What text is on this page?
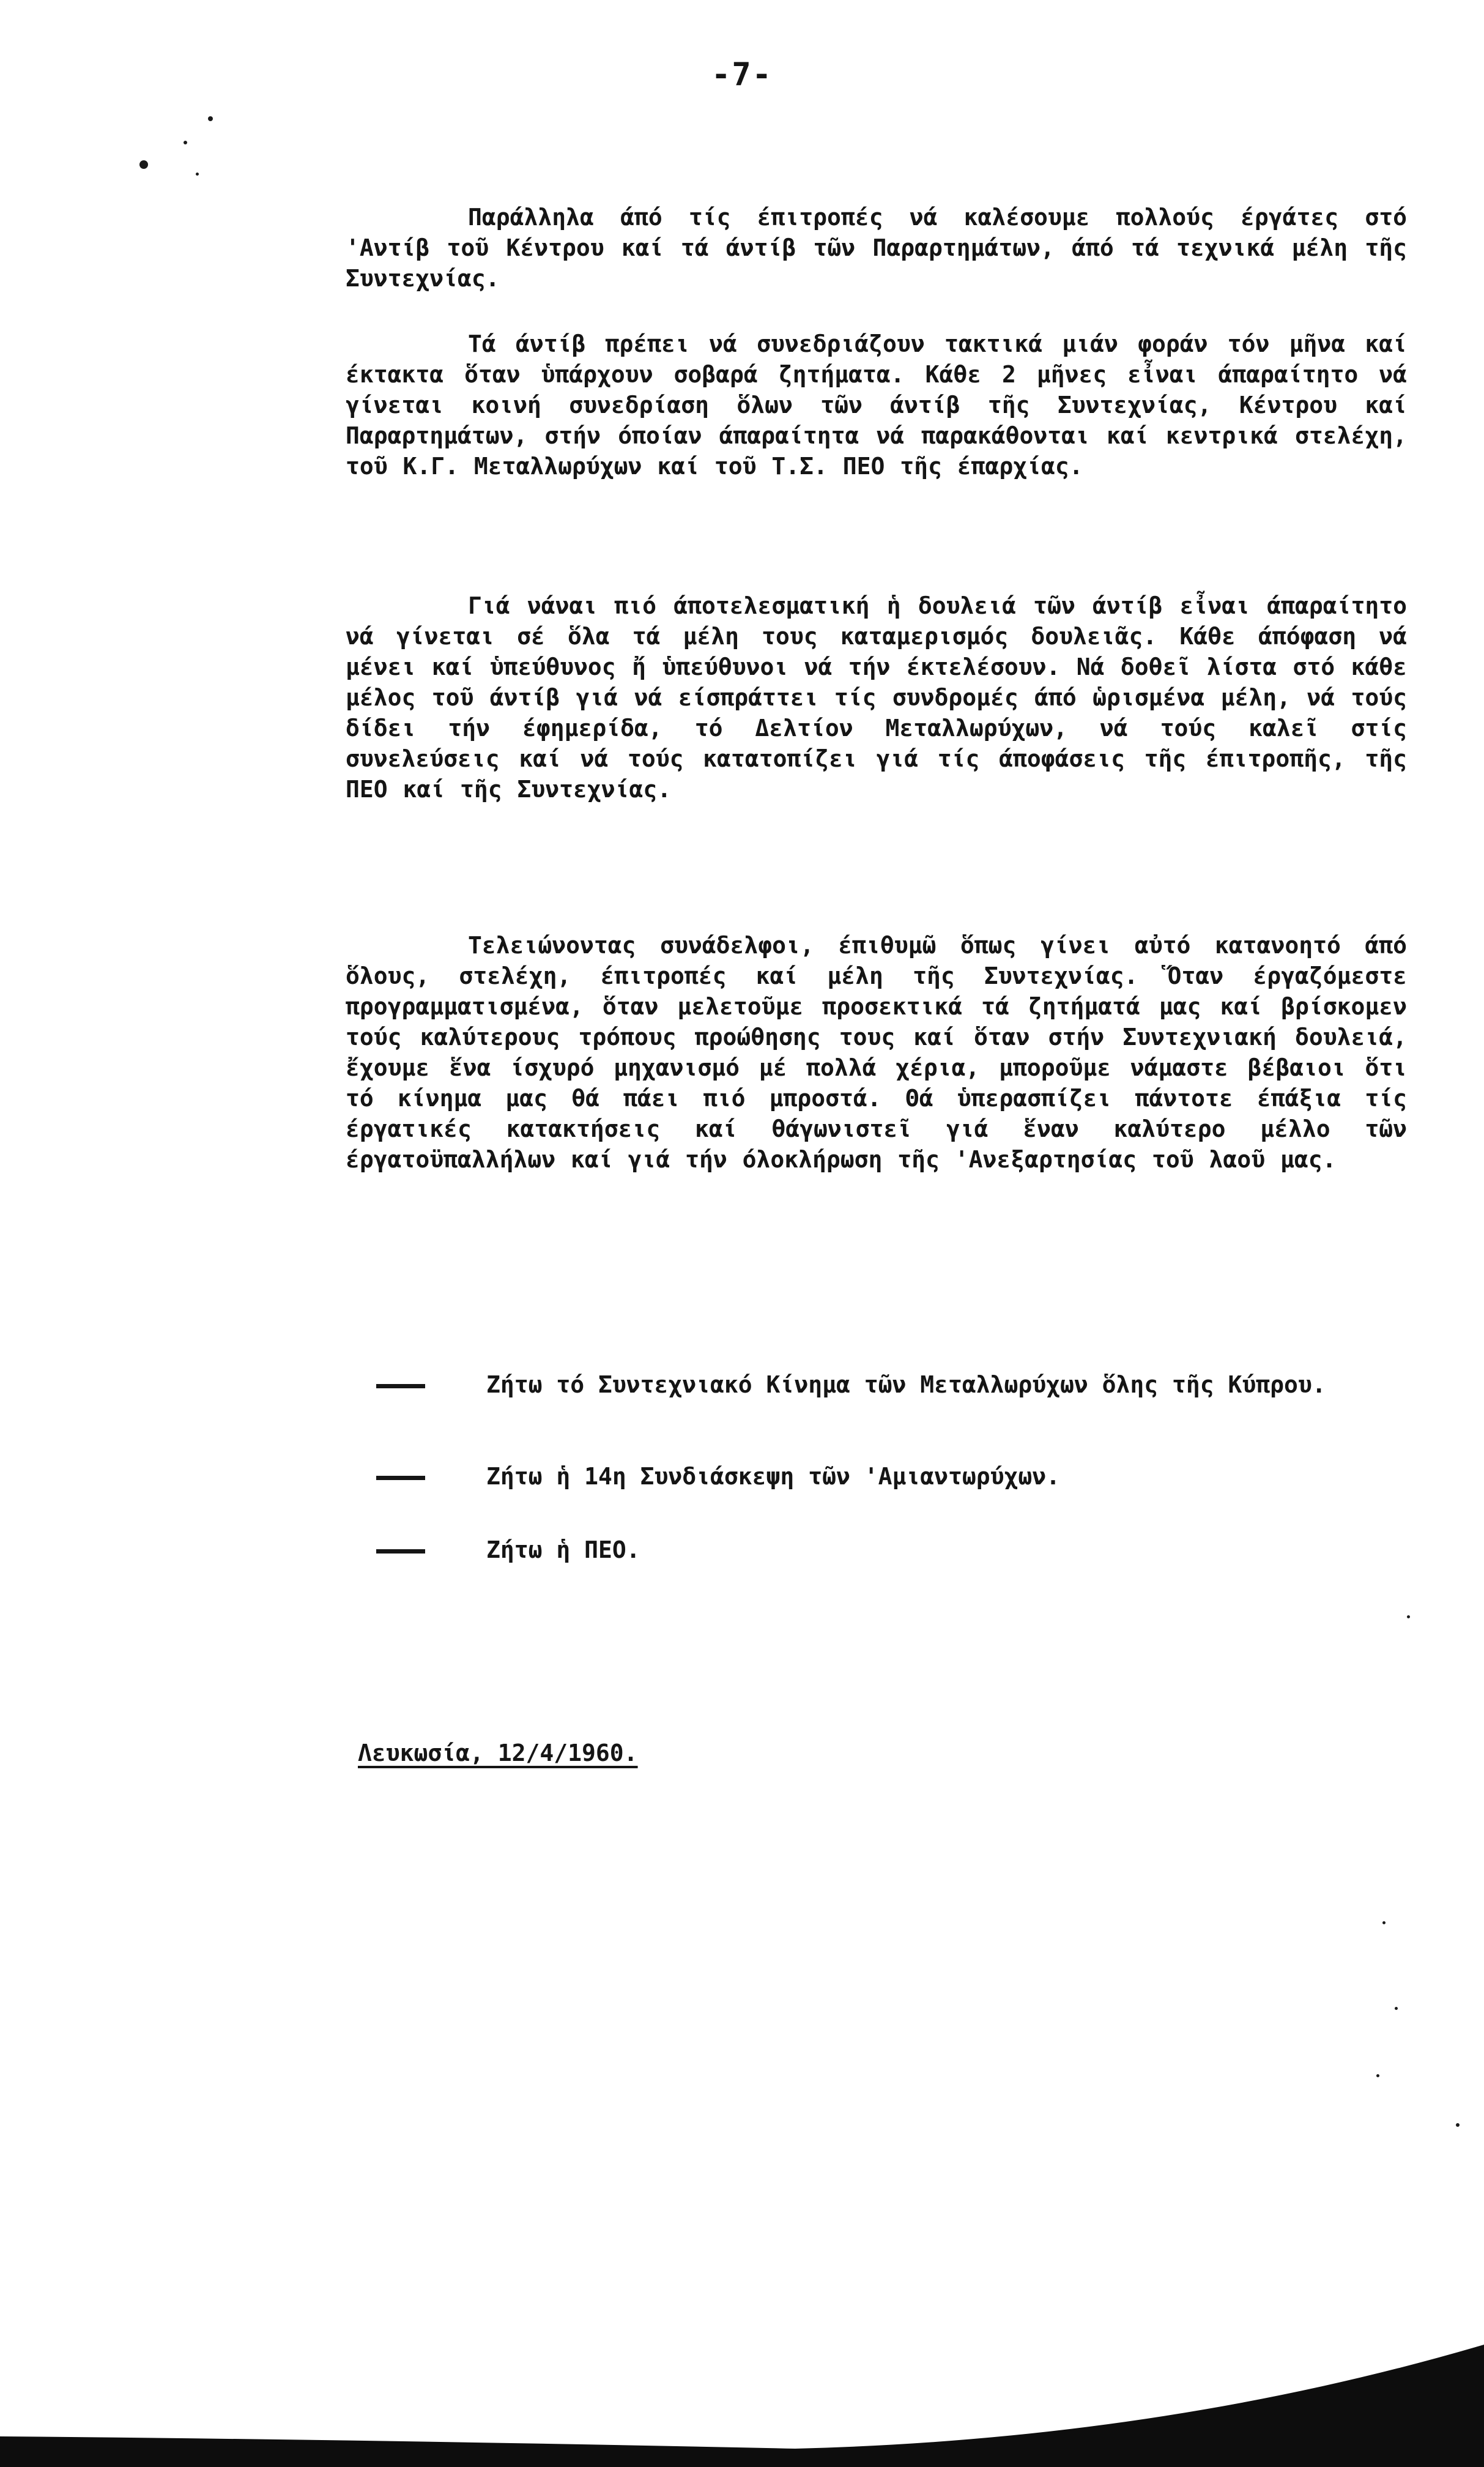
-7-

Παράλληλα άπό τίς έπιτροπές νά καλέσουμε πολλούς έργάτες στό 'Αντίβ τοῦ Κέντρου καί τά άντίβ τῶν Παραρτημάτων, άπό τά τεχνικά μέλη τῆς Συντεχνίας.

Τά άντίβ πρέπει νά συνεδριάζουν τακτικά μιάν φοράν τόν μῆνα καί έκτακτα ὅταν ὑπάρχουν σοβαρά ζητήματα. Κάθε 2 μῆνες εἶναι άπαραίτητο νά γίνεται κοινή συνεδρίαση ὅλων τῶν άντίβ τῆς Συντεχνίας, Κέντρου καί Παραρτημάτων, στήν όποίαν άπαραίτητα νά παρακάθονται καί κεντρικά στελέχη, τοῦ Κ.Γ. Μεταλλωρύχων καί τοῦ Τ.Σ. ΠΕΟ τῆς έπαρχίας.

Γιά νάναι πιό άποτελεσματική ἡ δουλειά τῶν άντίβ εἶναι άπαραίτητο νά γίνεται σέ ὅλα τά μέλη τους καταμερισμός δουλειᾶς. Κάθε άπόφαση νά μένει καί ὑπεύθυνος ἤ ὑπεύθυνοι νά τήν έκτελέσουν. Νά δοθεῖ λίστα στό κάθε μέλος τοῦ άντίβ γιά νά είσπράττει τίς συνδρομές άπό ὡρισμένα μέλη, νά τούς δίδει τήν έφημερίδα, τό Δελτίον Μεταλλωρύχων, νά τούς καλεῖ στίς συνελεύσεις καί νά τούς κατατοπίζει γιά τίς άποφάσεις τῆς έπιτροπῆς, τῆς ΠΕΟ καί τῆς Συντεχνίας.

Τελειώνοντας συνάδελφοι, έπιθυμῶ ὅπως γίνει αὐτό κατανοητό άπό ὅλους, στελέχη, έπιτροπές καί μέλη τῆς Συντεχνίας. Ὅταν έργαζόμεστε προγραμματισμένα, ὅταν μελετοῦμε προσεκτικά τά ζητήματά μας καί βρίσκομεν τούς καλύτερους τρόπους προώθησης τους καί ὅταν στήν Συντεχνιακή δουλειά, ἔχουμε ἕνα ίσχυρό μηχανισμό μέ πολλά χέρια, μποροῦμε νάμαστε βέβαιοι ὅτι τό κίνημα μας θά πάει πιό μπροστά. Θά ὑπερασπίζει πάντοτε έπάξια τίς έργατικές κατακτήσεις καί θάγωνιστεῖ γιά ἕναν καλύτερο μέλλο τῶν έργατοϋπαλλήλων καί γιά τήν όλοκλήρωση τῆς 'Ανεξαρτησίας τοῦ λαοῦ μας.

Ζήτω τό Συντεχνιακό Κίνημα τῶν Μεταλλωρύχων ὅλης τῆς Κύπρου.
Ζήτω ἡ 14η Συνδιάσκεψη τῶν 'Αμιαντωρύχων.
Ζήτω ἡ ΠΕΟ.
Λευκωσία, 12/4/1960.
